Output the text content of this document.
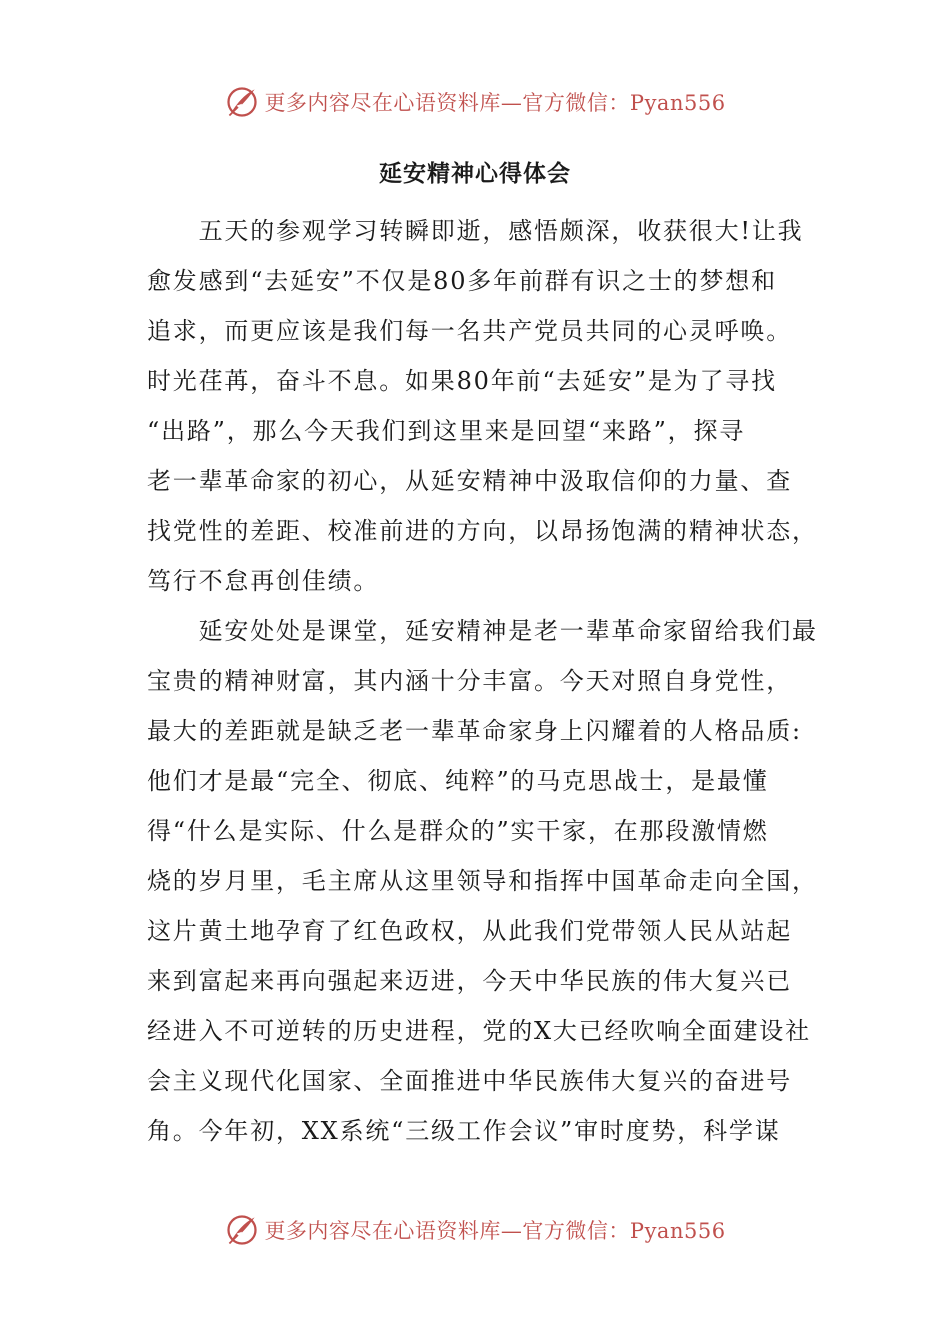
更多内容尽在心语资料库—官方微信：Pyan556
延安精神心得体会
　　五天的参观学习转瞬即逝，感悟颇深，收获很大!让我
愈发感到“去延安”不仅是80多年前群有识之士的梦想和
追求，而更应该是我们每一名共产党员共同的心灵呼唤。
时光荏苒，奋斗不息。如果80年前“去延安”是为了寻找
“出路”，那么今天我们到这里来是回望“来路”，探寻
老一辈革命家的初心，从延安精神中汲取信仰的力量、查
找党性的差距、校准前进的方向，以昂扬饱满的精神状态，
笃行不怠再创佳绩。
　　延安处处是课堂，延安精神是老一辈革命家留给我们最
宝贵的精神财富，其内涵十分丰富。今天对照自身党性，
最大的差距就是缺乏老一辈革命家身上闪耀着的人格品质:
他们才是最“完全、彻底、纯粹”的马克思战士，是最懂
得“什么是实际、什么是群众的”实干家，在那段激情燃
烧的岁月里，毛主席从这里领导和指挥中国革命走向全国，
这片黄土地孕育了红色政权，从此我们党带领人民从站起
来到富起来再向强起来迈进，今天中华民族的伟大复兴已
经进入不可逆转的历史进程，党的X大已经吹响全面建设社
会主义现代化国家、全面推进中华民族伟大复兴的奋进号
角。今年初，XX系统“三级工作会议”审时度势，科学谋
更多内容尽在心语资料库—官方微信：Pyan556
